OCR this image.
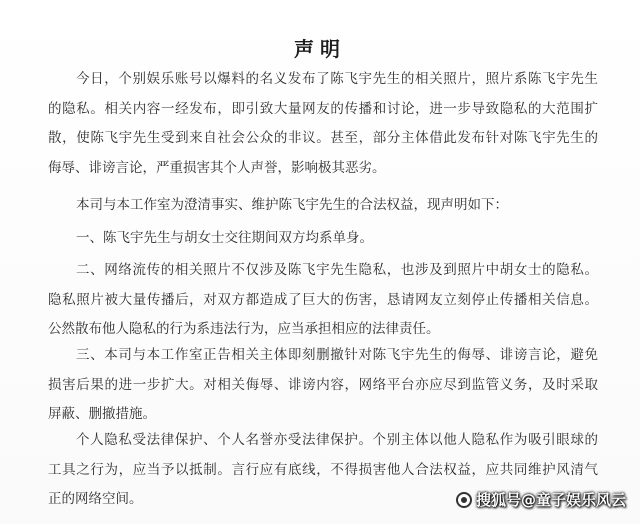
声明
今日，个别娱乐账号以爆料的名义发布了陈飞宇先生的相关照片，照片系陈飞宇先生
的隐私。相关内容一经发布，即引致大量网友的传播和讨论，进一步导致隐私的大范围扩
散，使陈飞宇先生受到来自社会公众的非议。甚至，部分主体借此发布针对陈飞宇先生的
侮辱、诽谤言论，严重损害其个人声誉，影响极其恶劣。
本司与本工作室为澄清事实、维护陈飞宇先生的合法权益，现声明如下：
一、陈飞宇先生与胡女士交往期间双方均系单身。
二、网络流传的相关照片不仅涉及陈飞宇先生隐私，也涉及到照片中胡女士的隐私。
隐私照片被大量传播后，对双方都造成了巨大的伤害，恳请网友立刻停止传播相关信息。
公然散布他人隐私的行为系违法行为，应当承担相应的法律责任。
三、本司与本工作室正告相关主体即刻删撤针对陈飞宇先生的侮辱、诽谤言论，避免
损害后果的进一步扩大。对相关侮辱、诽谤内容，网络平台亦应尽到监管义务，及时采取
屏蔽、删撤措施。
个人隐私受法律保护、个人名誉亦受法律保护。个别主体以他人隐私作为吸引眼球的
工具之行为，应当予以抵制。言行应有底线，不得损害他人合法权益，应共同维护风清气
正的网络空间。	搜狐号@童子娱乐风云
